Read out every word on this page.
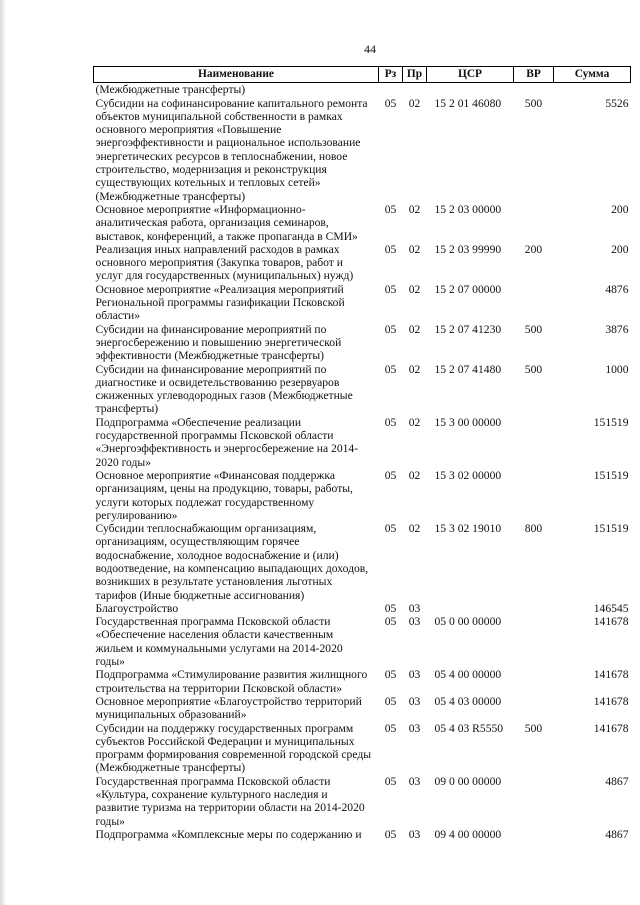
44
Наименование	Рз	Пр	ЦСР	ВР	Сумма
(Межбюджетные трансферты)					
Субсидии на софинансирование капитального ремонта объектов муниципальной собственности в рамках основного мероприятия «Повышение энергоэффективности и рациональное использование энергетических ресурсов в теплоснабжении, новое строительство, модернизация и реконструкция существующих котельных и тепловых сетей» (Межбюджетные трансферты)	05	02	15 2 01 46080	500	5526
Основное мероприятие «Информационно-аналитическая работа, организация семинаров, выставок, конференций, а также пропаганда в СМИ»	05	02	15 2 03 00000		200
Реализация иных направлений расходов в рамках основного мероприятия (Закупка товаров, работ и услуг для государственных (муниципальных) нужд)	05	02	15 2 03 99990	200	200
Основное мероприятие «Реализация мероприятий Региональной программы газификации Псковской области»	05	02	15 2 07 00000		4876
Субсидии на финансирование мероприятий по энергосбережению и повышению энергетической эффективности (Межбюджетные трансферты)	05	02	15 2 07 41230	500	3876
Субсидии на финансирование мероприятий по диагностике и освидетельствованию резервуаров сжиженных углеводородных газов (Межбюджетные трансферты)	05	02	15 2 07 41480	500	1000
Подпрограмма «Обеспечение реализации государственной программы Псковской области «Энергоэффективность и энергосбережение на 2014-2020 годы»	05	02	15 3 00 00000		151519
Основное мероприятие «Финансовая поддержка организациям, цены на продукцию, товары, работы, услуги которых подлежат государственному регулированию»	05	02	15 3 02 00000		151519
Субсидии теплоснабжающим организациям, организациям, осуществляющим горячее водоснабжение, холодное водоснабжение и (или) водоотведение, на компенсацию выпадающих доходов, возникших в результате установления льготных тарифов (Иные бюджетные ассигнования)	05	02	15 3 02 19010	800	151519
Благоустройство	05	03			146545
Государственная программа Псковской области «Обеспечение населения области качественным жильем и коммунальными услугами на 2014-2020 годы»	05	03	05 0 00 00000		141678
Подпрограмма «Стимулирование развития жилищного строительства на территории Псковской области»	05	03	05 4 00 00000		141678
Основное мероприятие «Благоустройство территорий муниципальных образований»	05	03	05 4 03 00000		141678
Субсидии на поддержку государственных программ субъектов Российской Федерации и муниципальных программ формирования современной городской среды (Межбюджетные трансферты)	05	03	05 4 03 R5550	500	141678
Государственная программа Псковской области «Культура, сохранение культурного наследия и развитие туризма на территории области на 2014-2020 годы»	05	03	09 0 00 00000		4867
Подпрограмма «Комплексные меры по содержанию и	05	03	09 4 00 00000		4867
